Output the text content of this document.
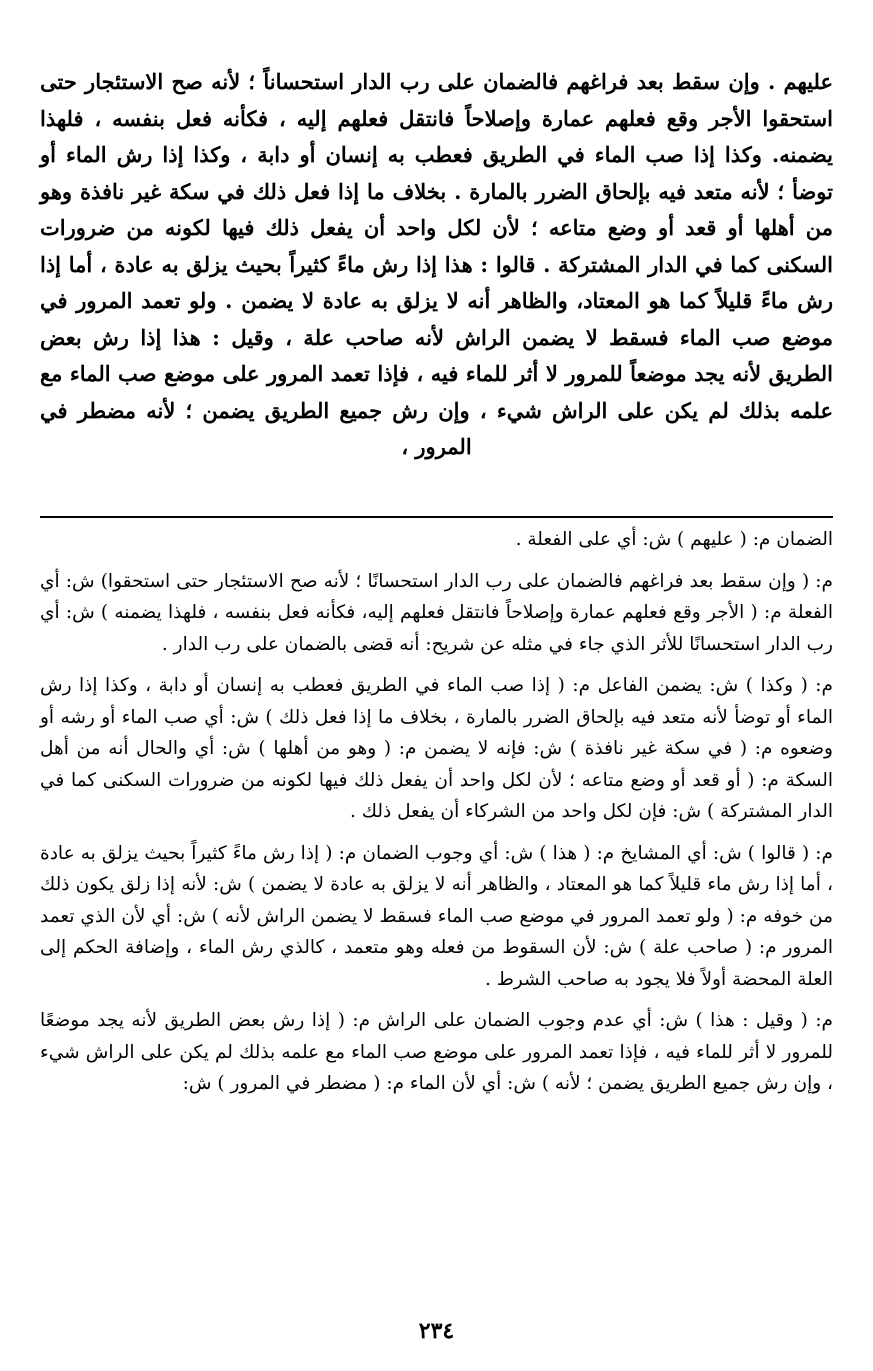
عليهم . وإن سقط بعد فراغهم فالضمان على رب الدار استحساناً ؛ لأنه صح الاستئجار حتى استحقوا الأجر وقع فعلهم عمارة وإصلاحاً فانتقل فعلهم إليه ، فكأنه فعل بنفسه ، فلهذا يضمنه. وكذا إذا صب الماء في الطريق فعطب به إنسان أو دابة ، وكذا إذا رش الماء أو توضأ ؛ لأنه متعد فيه بإلحاق الضرر بالمارة . بخلاف ما إذا فعل ذلك في سكة غير نافذة وهو من أهلها أو قعد أو وضع متاعه ؛ لأن لكل واحد أن يفعل ذلك فيها لكونه من ضرورات السكنى كما في الدار المشتركة . قالوا : هذا إذا رش ماءً كثيراً بحيث يزلق به عادة ، أما إذا رش ماءً قليلاً كما هو المعتاد، والظاهر أنه لا يزلق به عادة لا يضمن . ولو تعمد المرور في موضع صب الماء فسقط لا يضمن الراش لأنه صاحب علة ، وقيل : هذا إذا رش بعض الطريق لأنه يجد موضعاً للمرور لا أثر للماء فيه ، فإذا تعمد المرور على موضع صب الماء مع علمه بذلك لم يكن على الراش شيء ، وإن رش جميع الطريق يضمن ؛ لأنه مضطر في المرور ،

الضمان م: ( عليهم ) ش: أي على الفعلة .

م: ( وإن سقط بعد فراغهم فالضمان على رب الدار استحسانًا ؛ لأنه صح الاستئجار حتى استحقوا) ش: أي الفعلة م: ( الأجر وقع فعلهم عمارة وإصلاحاً فانتقل فعلهم إليه، فكأنه فعل بنفسه ، فلهذا يضمنه ) ش: أي رب الدار استحسانًا للأثر الذي جاء في مثله عن شريح: أنه قضى بالضمان على رب الدار .

م: ( وكذا ) ش: يضمن الفاعل م: ( إذا صب الماء في الطريق فعطب به إنسان أو دابة ، وكذا إذا رش الماء أو توضأ لأنه متعد فيه بإلحاق الضرر بالمارة ، بخلاف ما إذا فعل ذلك ) ش: أي صب الماء أو رشه أو وضعوه م: ( في سكة غير نافذة ) ش: فإنه لا يضمن م: ( وهو من أهلها ) ش: أي والحال أنه من أهل السكة م: ( أو قعد أو وضع متاعه ؛ لأن لكل واحد أن يفعل ذلك فيها لكونه من ضرورات السكنى كما في الدار المشتركة ) ش: فإن لكل واحد من الشركاء أن يفعل ذلك .

م: ( قالوا ) ش: أي المشايخ م: ( هذا ) ش: أي وجوب الضمان م: ( إذا رش ماءً كثيراً بحيث يزلق به عادة ، أما إذا رش ماء قليلاً كما هو المعتاد ، والظاهر أنه لا يزلق به عادة لا يضمن ) ش: لأنه إذا زلق يكون ذلك من خوفه م: ( ولو تعمد المرور في موضع صب الماء فسقط لا يضمن الراش لأنه ) ش: أي لأن الذي تعمد المرور م: ( صاحب علة ) ش: لأن السقوط من فعله وهو متعمد ، كالذي رش الماء ، وإضافة الحكم إلى العلة المحضة أولاً فلا يجود به صاحب الشرط .

م: ( وقيل : هذا ) ش: أي عدم وجوب الضمان على الراش م: ( إذا رش بعض الطريق لأنه يجد موضعًا للمرور لا أثر للماء فيه ، فإذا تعمد المرور على موضع صب الماء مع علمه بذلك لم يكن على الراش شيء ، وإن رش جميع الطريق يضمن ؛ لأنه ) ش: أي لأن الماء م: ( مضطر في المرور ) ش:

٢٣٤
